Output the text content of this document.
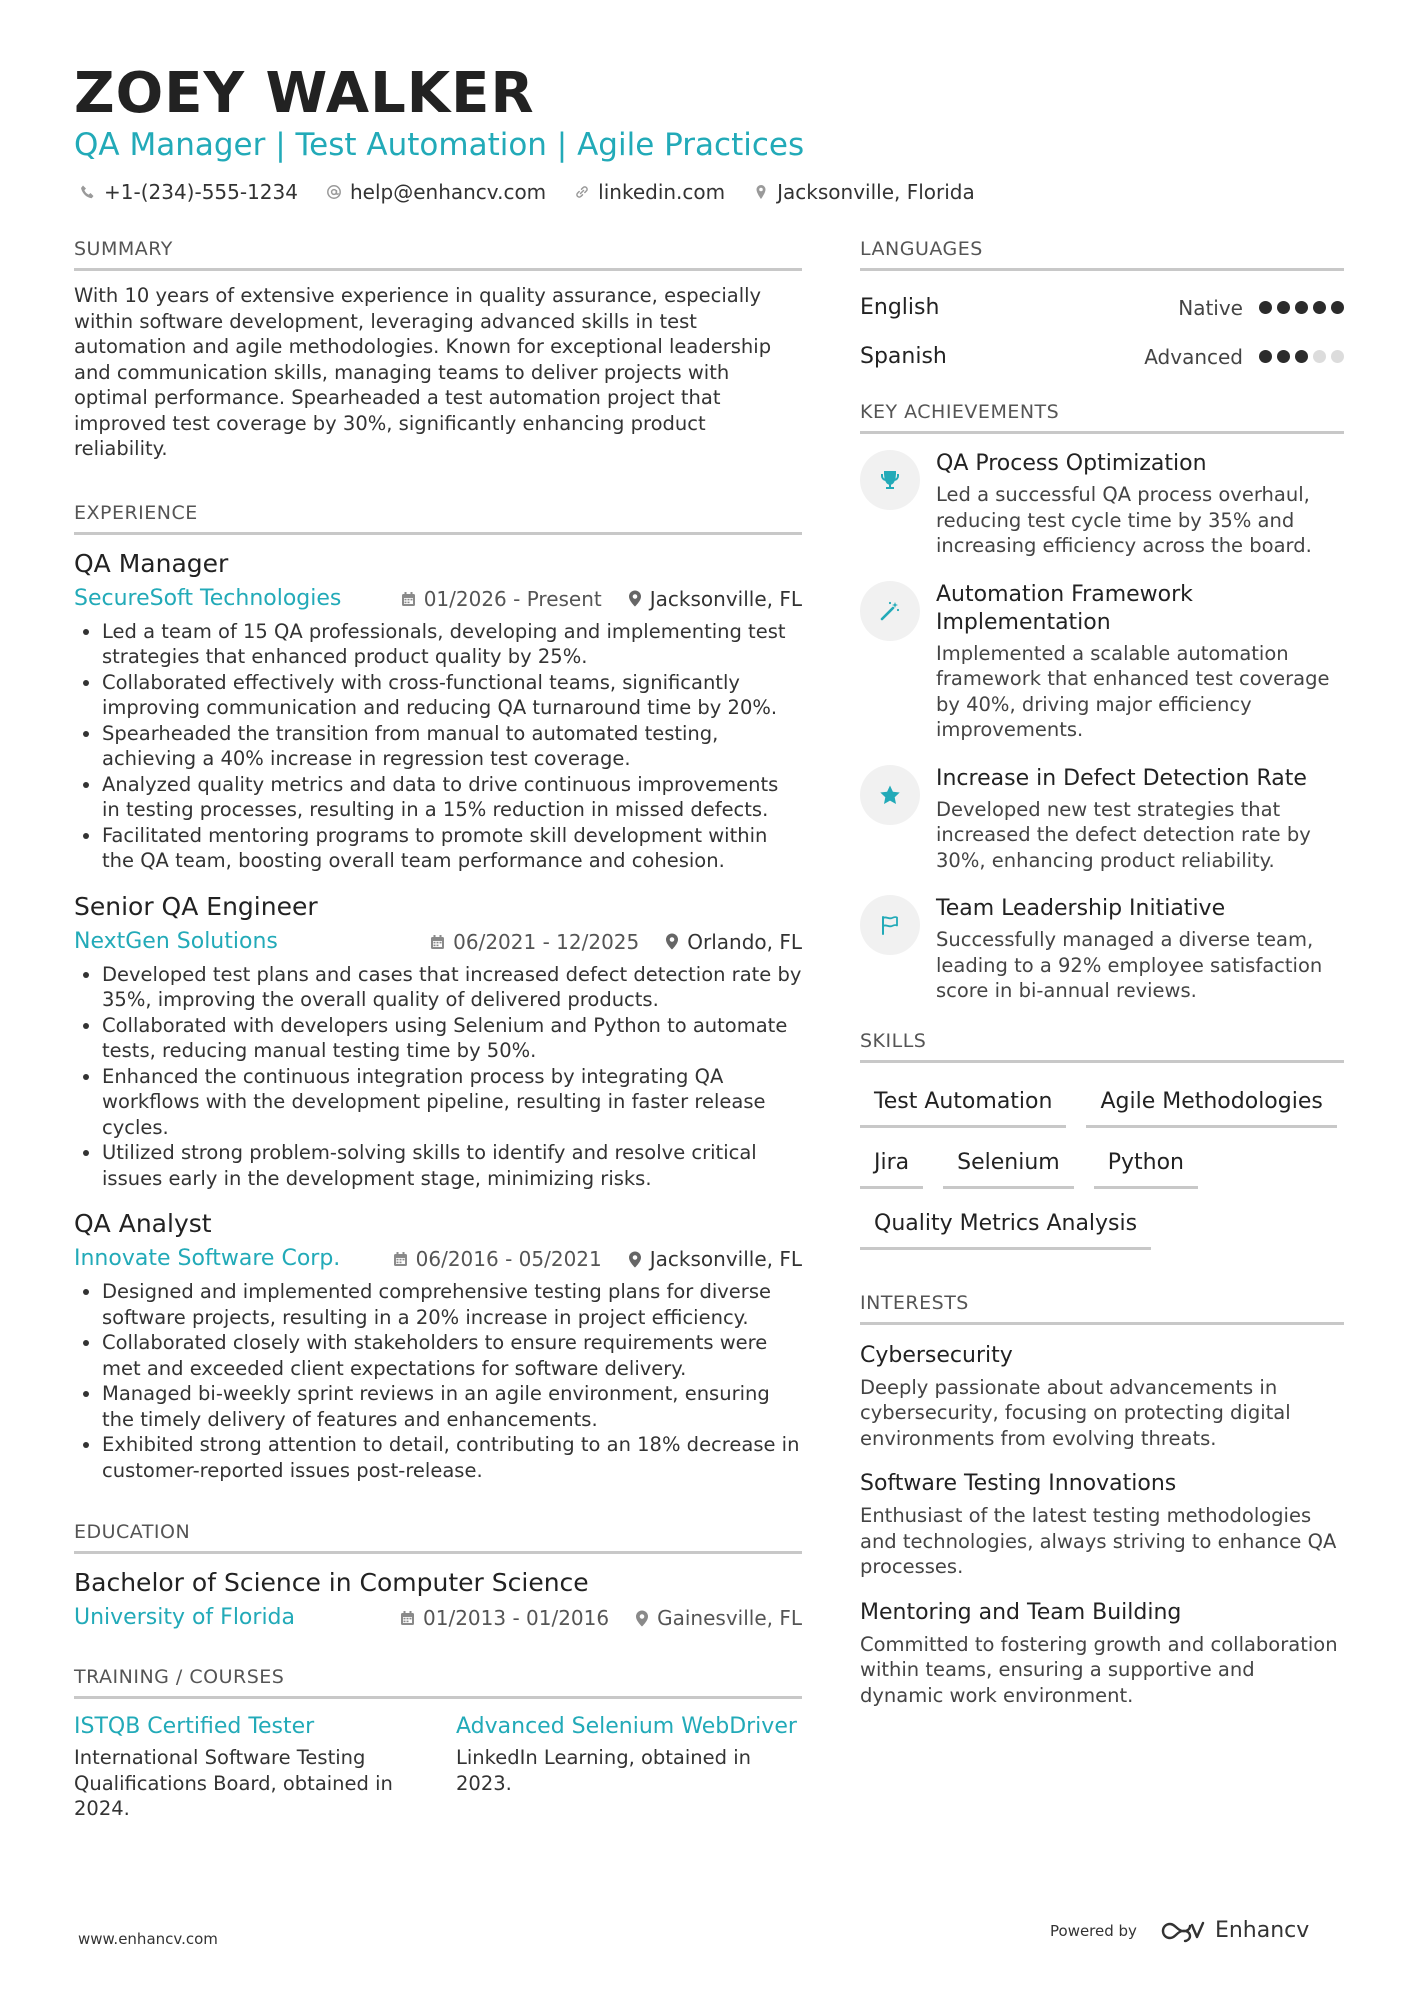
ZOEY WALKER
QA Manager | Test Automation | Agile Practices
+1-(234)-555-1234	help@enhancv.com	linkedin.com	Jacksonville, Florida
SUMMARY

With 10 years of extensive experience in quality assurance, especially within software development, leveraging advanced skills in test automation and agile methodologies. Known for exceptional leadership and communication skills, managing teams to deliver projects with optimal performance. Spearheaded a test automation project that improved test coverage by 30%, significantly enhancing product reliability.

EXPERIENCE
QA Manager
SecureSoft Technologies	01/2026 - Present Jacksonville, FL
• Led a team of 15 QA professionals, developing and implementing test strategies that enhanced product quality by 25%.
• Collaborated effectively with cross-functional teams, significantly improving communication and reducing QA turnaround time by 20%.
• Spearheaded the transition from manual to automated testing, achieving a 40% increase in regression test coverage.
• Analyzed quality metrics and data to drive continuous improvements in testing processes, resulting in a 15% reduction in missed defects.
• Facilitated mentoring programs to promote skill development within the QA team, boosting overall team performance and cohesion.
Senior QA Engineer
NextGen Solutions	06/2021 - 12/2025 Orlando, FL
• Developed test plans and cases that increased defect detection rate by 35%, improving the overall quality of delivered products.
• Collaborated with developers using Selenium and Python to automate tests, reducing manual testing time by 50%.
• Enhanced the continuous integration process by integrating QA workflows with the development pipeline, resulting in faster release cycles.
• Utilized strong problem-solving skills to identify and resolve critical issues early in the development stage, minimizing risks.
QA Analyst
Innovate Software Corp.	06/2016 - 05/2021 Jacksonville, FL
• Designed and implemented comprehensive testing plans for diverse software projects, resulting in a 20% increase in project efficiency.
• Collaborated closely with stakeholders to ensure requirements were met and exceeded client expectations for software delivery.
• Managed bi-weekly sprint reviews in an agile environment, ensuring the timely delivery of features and enhancements.
• Exhibited strong attention to detail, contributing to an 18% decrease in customer-reported issues post-release.
EDUCATION
Bachelor of Science in Computer Science
University of Florida	01/2013 - 01/2016 Gainesville, FL
TRAINING / COURSES
ISTQB Certified Tester
International Software Testing Qualifications Board, obtained in 2024.
Advanced Selenium WebDriver
LinkedIn Learning, obtained in 2023.
LANGUAGES
English	Native
Spanish	Advanced
KEY ACHIEVEMENTS
QA Process Optimization
Led a successful QA process overhaul, reducing test cycle time by 35% and increasing efficiency across the board.
Automation Framework Implementation
Implemented a scalable automation framework that enhanced test coverage by 40%, driving major efficiency improvements.
Increase in Defect Detection Rate
Developed new test strategies that increased the defect detection rate by 30%, enhancing product reliability.
Team Leadership Initiative
Successfully managed a diverse team, leading to a 92% employee satisfaction score in bi-annual reviews.
SKILLS
Test Automation	Agile Methodologies
Jira	Selenium	Python
Quality Metrics Analysis
INTERESTS
Cybersecurity
Deeply passionate about advancements in cybersecurity, focusing on protecting digital environments from evolving threats.
Software Testing Innovations
Enthusiast of the latest testing methodologies and technologies, always striving to enhance QA processes.
Mentoring and Team Building
Committed to fostering growth and collaboration within teams, ensuring a supportive and dynamic work environment.
www.enhancv.com	Powered by	Enhancv
